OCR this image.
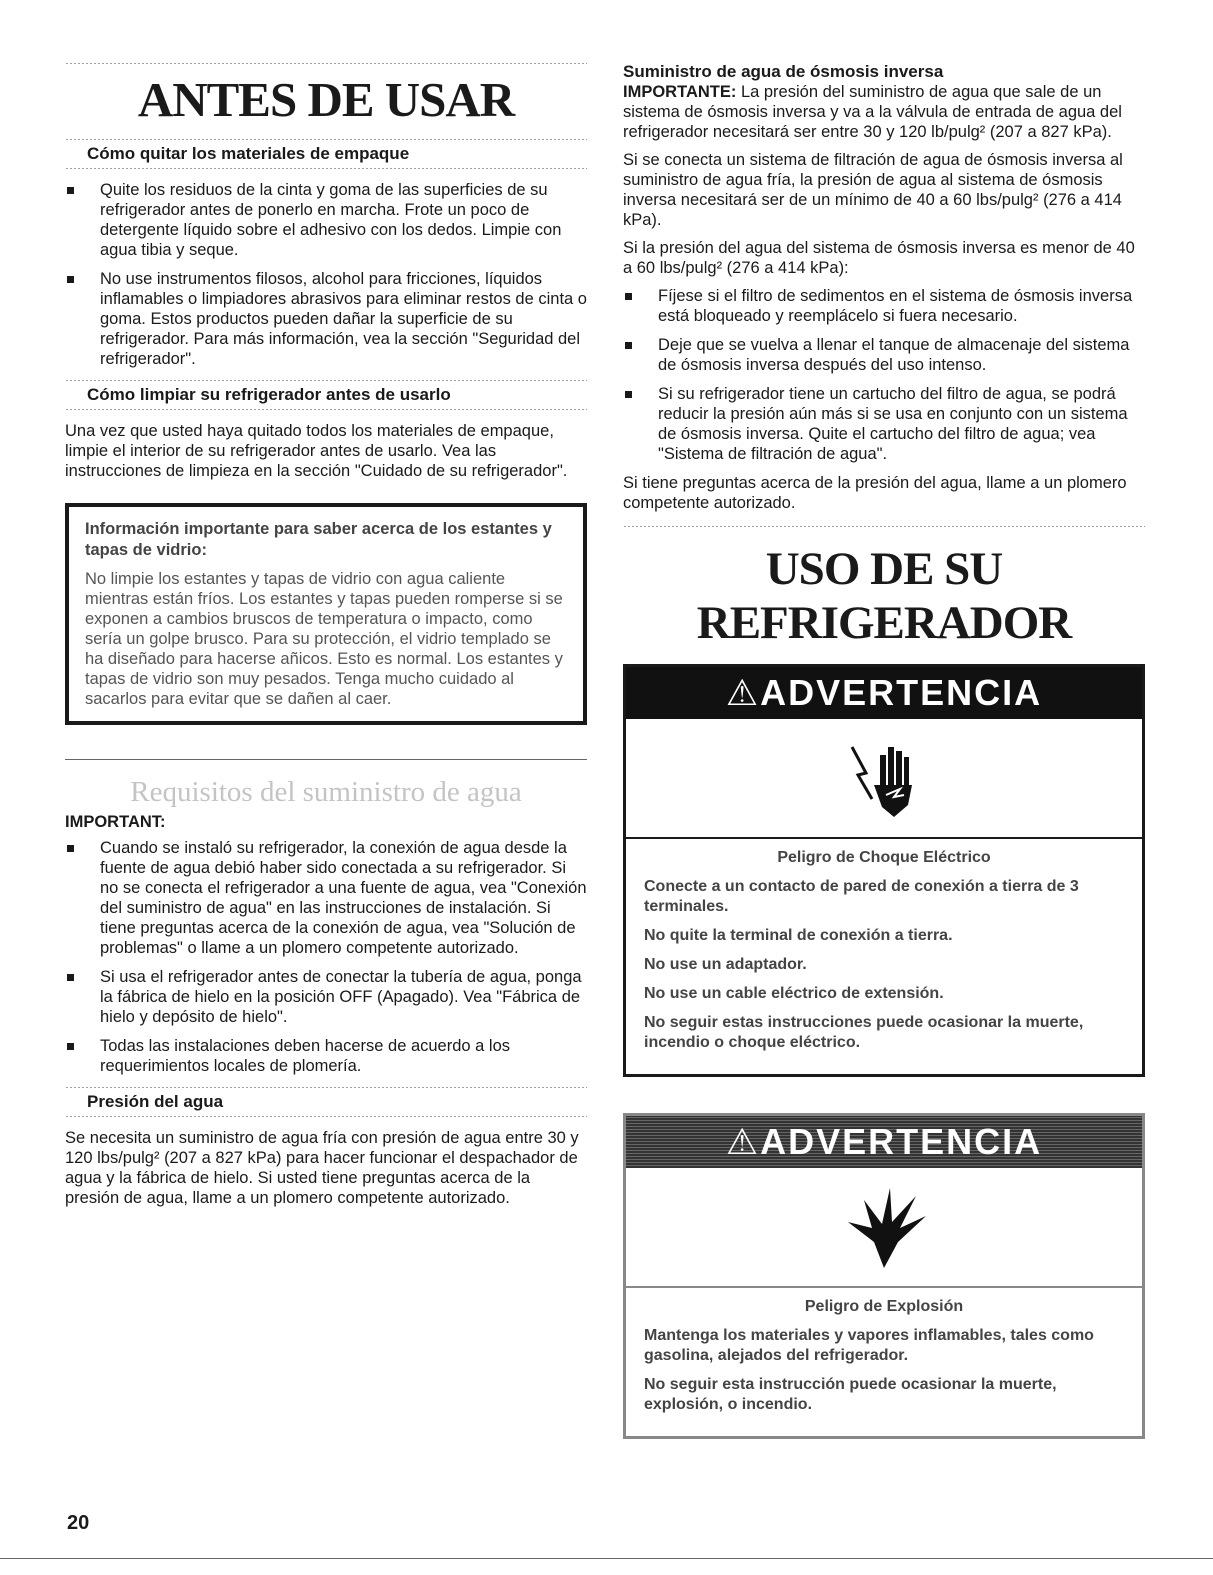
ANTES DE USAR
Cómo quitar los materiales de empaque
Quite los residuos de la cinta y goma de las superficies de su refrigerador antes de ponerlo en marcha. Frote un poco de detergente líquido sobre el adhesivo con los dedos. Limpie con agua tibia y seque.
No use instrumentos filosos, alcohol para fricciones, líquidos inflamables o limpiadores abrasivos para eliminar restos de cinta o goma. Estos productos pueden dañar la superficie de su refrigerador. Para más información, vea la sección "Seguridad del refrigerador".
Cómo limpiar su refrigerador antes de usarlo

Una vez que usted haya quitado todos los materiales de empaque, limpie el interior de su refrigerador antes de usarlo. Vea las instrucciones de limpieza en la sección "Cuidado de su refrigerador".

Información importante para saber acerca de los estantes y tapas de vidrio:

No limpie los estantes y tapas de vidrio con agua caliente mientras están fríos. Los estantes y tapas pueden romperse si se exponen a cambios bruscos de temperatura o impacto, como sería un golpe brusco. Para su protección, el vidrio templado se ha diseñado para hacerse añicos. Esto es normal. Los estantes y tapas de vidrio son muy pesados. Tenga mucho cuidado al sacarlos para evitar que se dañen al caer.

Requisitos del suministro de agua
IMPORTANT:
Cuando se instaló su refrigerador, la conexión de agua desde la fuente de agua debió haber sido conectada a su refrigerador. Si no se conecta el refrigerador a una fuente de agua, vea "Conexión del suministro de agua" en las instrucciones de instalación. Si tiene preguntas acerca de la conexión de agua, vea "Solución de problemas" o llame a un plomero competente autorizado.
Si usa el refrigerador antes de conectar la tubería de agua, ponga la fábrica de hielo en la posición OFF (Apagado). Vea "Fábrica de hielo y depósito de hielo".
Todas las instalaciones deben hacerse de acuerdo a los requerimientos locales de plomería.
Presión del agua

Se necesita un suministro de agua fría con presión de agua entre 30 y 120 lbs/pulg² (207 a 827 kPa) para hacer funcionar el despachador de agua y la fábrica de hielo. Si usted tiene preguntas acerca de la presión de agua, llame a un plomero competente autorizado.

Suministro de agua de ósmosis inversa

IMPORTANTE: La presión del suministro de agua que sale de un sistema de ósmosis inversa y va a la válvula de entrada de agua del refrigerador necesitará ser entre 30 y 120 lb/pulg² (207 a 827 kPa).

Si se conecta un sistema de filtración de agua de ósmosis inversa al suministro de agua fría, la presión de agua al sistema de ósmosis inversa necesitará ser de un mínimo de 40 a 60 lbs/pulg² (276 a 414 kPa).

Si la presión del agua del sistema de ósmosis inversa es menor de 40 a 60 lbs/pulg² (276 a 414 kPa):

Fíjese si el filtro de sedimentos en el sistema de ósmosis inversa está bloqueado y reemplácelo si fuera necesario.
Deje que se vuelva a llenar el tanque de almacenaje del sistema de ósmosis inversa después del uso intenso.
Si su refrigerador tiene un cartucho del filtro de agua, se podrá reducir la presión aún más si se usa en conjunto con un sistema de ósmosis inversa. Quite el cartucho del filtro de agua; vea "Sistema de filtración de agua".

Si tiene preguntas acerca de la presión del agua, llame a un plomero competente autorizado.

USO DE SU REFRIGERADOR
⚠ADVERTENCIA
Peligro de Choque Eléctrico
Conecte a un contacto de pared de conexión a tierra de 3 terminales.
No quite la terminal de conexión a tierra.
No use un adaptador.
No use un cable eléctrico de extensión.
No seguir estas instrucciones puede ocasionar la muerte, incendio o choque eléctrico.
⚠ADVERTENCIA
Peligro de Explosión
Mantenga los materiales y vapores inflamables, tales como gasolina, alejados del refrigerador.
No seguir esta instrucción puede ocasionar la muerte, explosión, o incendio.
20
